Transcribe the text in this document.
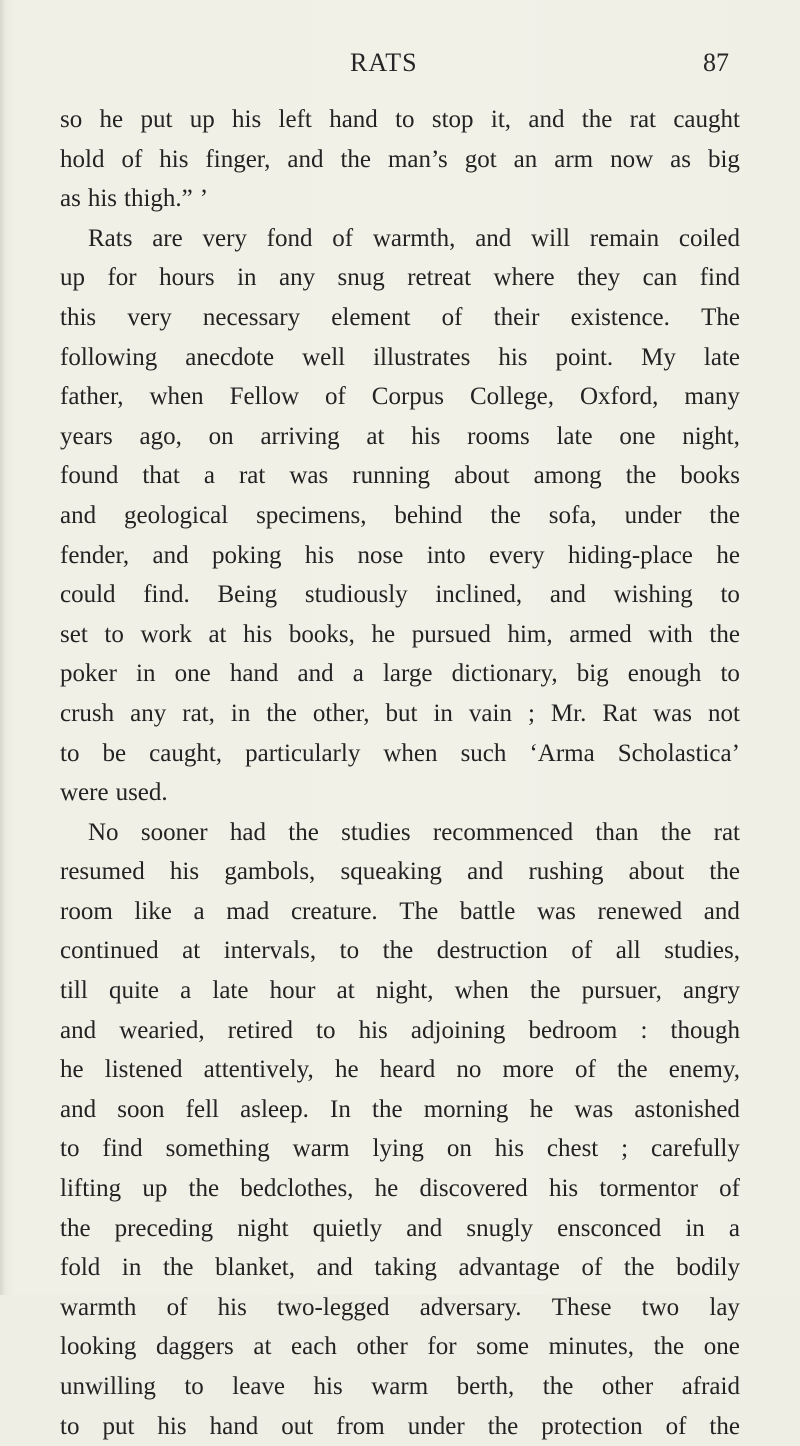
RATS	87
so he put up his left hand to stop it, and the rat caught
hold of his finger, and the man’s got an arm now as big
as his thigh.” ’
Rats are very fond of warmth, and will remain coiled
up for hours in any snug retreat where they can find
this very necessary element of their existence. The
following anecdote well illustrates his point. My late
father, when Fellow of Corpus College, Oxford, many
years ago, on arriving at his rooms late one night,
found that a rat was running about among the books
and geological specimens, behind the sofa, under the
fender, and poking his nose into every hiding-place he
could find. Being studiously inclined, and wishing to
set to work at his books, he pursued him, armed with the
poker in one hand and a large dictionary, big enough to
crush any rat, in the other, but in vain ; Mr. Rat was not
to be caught, particularly when such ‘Arma Scholastica’
were used.
No sooner had the studies recommenced than the rat
resumed his gambols, squeaking and rushing about the
room like a mad creature. The battle was renewed and
continued at intervals, to the destruction of all studies,
till quite a late hour at night, when the pursuer, angry
and wearied, retired to his adjoining bedroom : though
he listened attentively, he heard no more of the enemy,
and soon fell asleep. In the morning he was astonished
to find something warm lying on his chest ; carefully
lifting up the bedclothes, he discovered his tormentor of
the preceding night quietly and snugly ensconced in a
fold in the blanket, and taking advantage of the bodily
warmth of his two-legged adversary. These two lay
looking daggers at each other for some minutes, the one
unwilling to leave his warm berth, the other afraid
to put his hand out from under the protection of the
